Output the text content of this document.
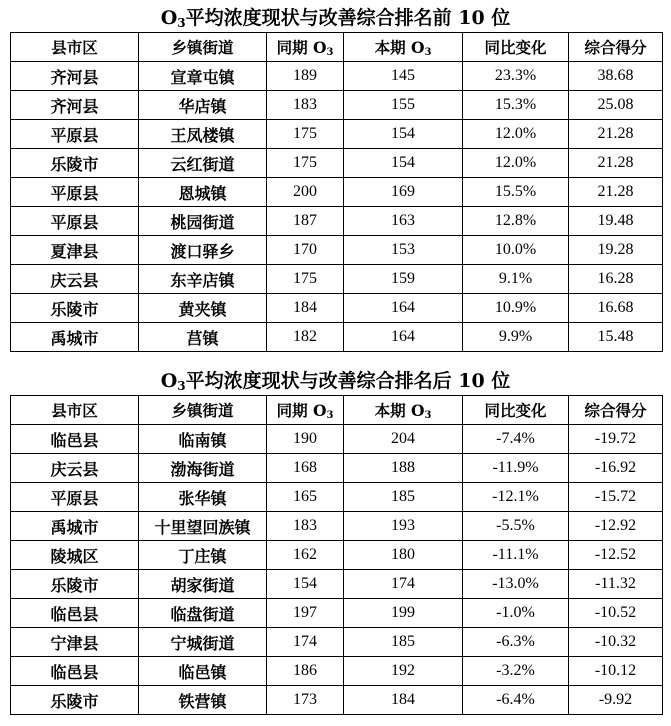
$O_3$平均浓度现状与改善综合排名前 10 位
县市区	乡镇街道	同期 $O_3$	本期 $O_3$	同比变化	综合得分
齐河县	宣章屯镇	189	145	23.3%	38.68
齐河县	华店镇	183	155	15.3%	25.08
平原县	王凤楼镇	175	154	12.0%	21.28
乐陵市	云红街道	175	154	12.0%	21.28
平原县	恩城镇	200	169	15.5%	21.28
平原县	桃园街道	187	163	12.8%	19.48
夏津县	渡口驿乡	170	153	10.0%	19.28
庆云县	东辛店镇	175	159	9.1%	16.28
乐陵市	黄夹镇	184	164	10.9%	16.68
禹城市	莒镇	182	164	9.9%	15.48
$O_3$平均浓度现状与改善综合排名后 10 位
县市区	乡镇街道	同期 $O_3$	本期 $O_3$	同比变化	综合得分
临邑县	临南镇	190	204	-7.4%	-19.72
庆云县	渤海街道	168	188	-11.9%	-16.92
平原县	张华镇	165	185	-12.1%	-15.72
禹城市	十里望回族镇	183	193	-5.5%	-12.92
陵城区	丁庄镇	162	180	-11.1%	-12.52
乐陵市	胡家街道	154	174	-13.0%	-11.32
临邑县	临盘街道	197	199	-1.0%	-10.52
宁津县	宁城街道	174	185	-6.3%	-10.32
临邑县	临邑镇	186	192	-3.2%	-10.12
乐陵市	铁营镇	173	184	-6.4%	-9.92
